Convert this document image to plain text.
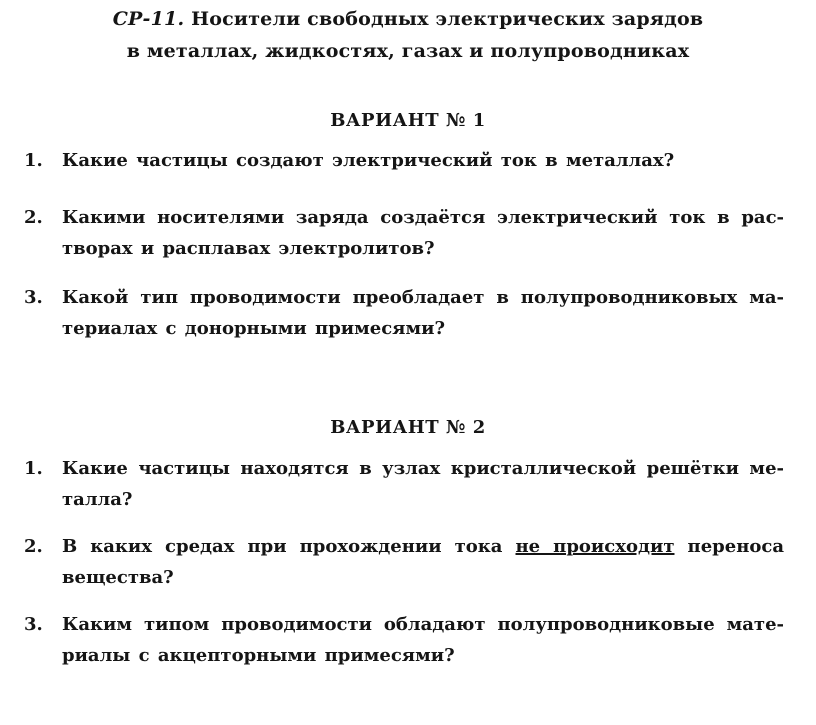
СР-11. Носители свободных электрических зарядов
в металлах, жидкостях, газах и полупроводниках
ВАРИАНТ № 1
1.	Какие частицы создают электрический ток в металлах?
2.	Какими носителями заряда создаётся электрический ток в рас-
творах и расплавах электролитов?
3.	Какой тип проводимости преобладает в полупроводниковых ма-
териалах с донорными примесями?
ВАРИАНТ № 2
1.	Какие частицы находятся в узлах кристаллической решётки ме-
талла?
2.	В каких средах при прохождении тока не происходит переноса
вещества?
3.	Каким типом проводимости обладают полупроводниковые мате-
риалы с акцепторными примесями?
